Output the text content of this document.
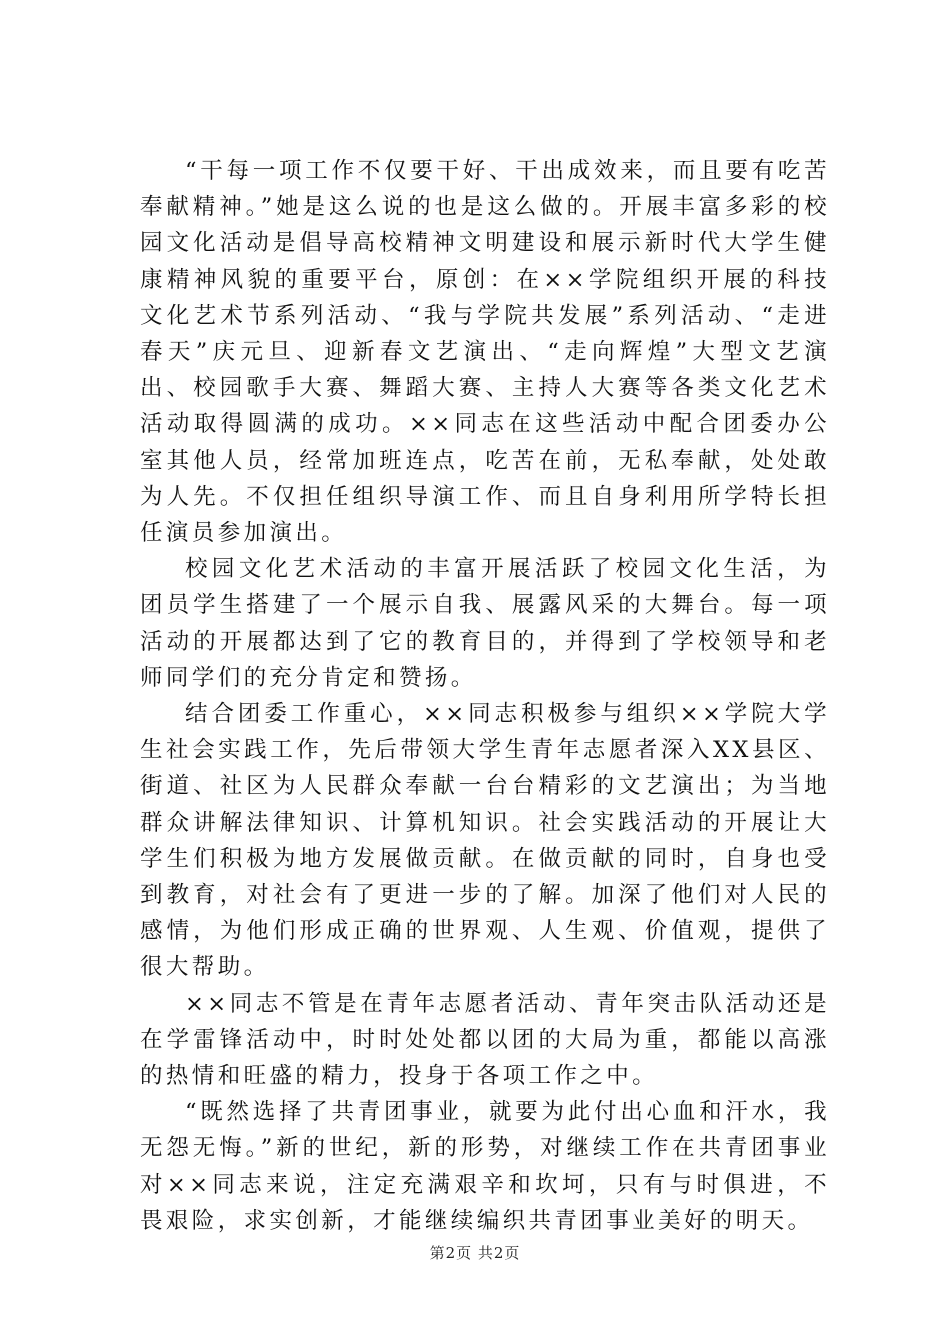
“干每一项工作不仅要干好、干出成效来，而且要有吃苦奉献精神。”她是这么说的也是这么做的。开展丰富多彩的校园文化活动是倡导高校精神文明建设和展示新时代大学生健康精神风貌的重要平台，原创：在××学院组织开展的科技文化艺术节系列活动、“我与学院共发展”系列活动、“走进春天”庆元旦、迎新春文艺演出、“走向辉煌”大型文艺演出、校园歌手大赛、舞蹈大赛、主持人大赛等各类文化艺术活动取得圆满的成功。××同志在这些活动中配合团委办公室其他人员，经常加班连点，吃苦在前，无私奉献，处处敢为人先。不仅担任组织导演工作、而且自身利用所学特长担任演员参加演出。

校园文化艺术活动的丰富开展活跃了校园文化生活，为团员学生搭建了一个展示自我、展露风采的大舞台。每一项活动的开展都达到了它的教育目的，并得到了学校领导和老师同学们的充分肯定和赞扬。

结合团委工作重心，××同志积极参与组织××学院大学生社会实践工作，先后带领大学生青年志愿者深入XX县区、街道、社区为人民群众奉献一台台精彩的文艺演出；为当地群众讲解法律知识、计算机知识。社会实践活动的开展让大学生们积极为地方发展做贡献。在做贡献的同时，自身也受到教育，对社会有了更进一步的了解。加深了他们对人民的感情，为他们形成正确的世界观、人生观、价值观，提供了很大帮助。

××同志不管是在青年志愿者活动、青年突击队活动还是在学雷锋活动中，时时处处都以团的大局为重，都能以高涨的热情和旺盛的精力，投身于各项工作之中。

“既然选择了共青团事业，就要为此付出心血和汗水，我无怨无悔。”新的世纪，新的形势，对继续工作在共青团事业对××同志来说，注定充满艰辛和坎坷，只有与时俱进，不畏艰险，求实创新，才能继续编织共青团事业美好的明天。

第2页 共2页
